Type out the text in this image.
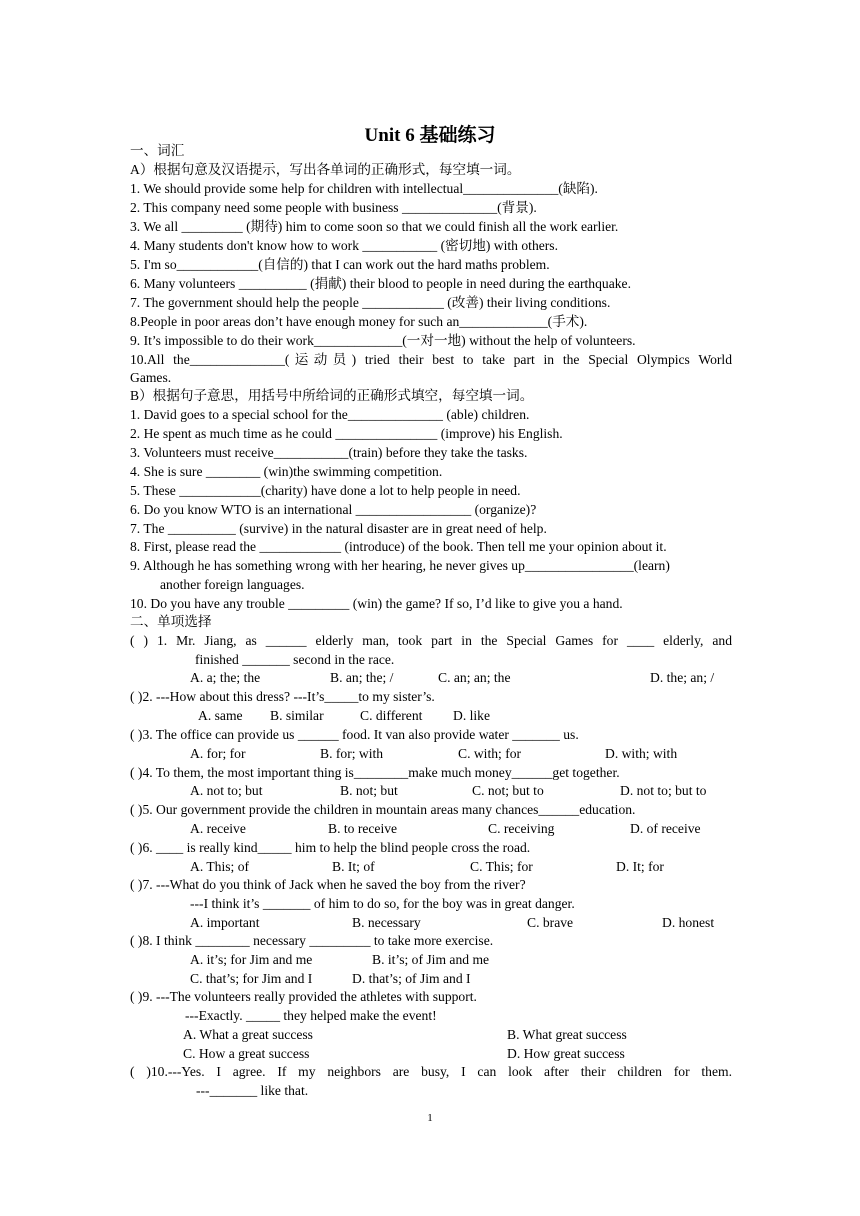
Unit 6 基础练习
一、词汇
A）根据句意及汉语提示，写出各单词的正确形式，每空填一词。
1. We should provide some help for children with intellectual______________(缺陷).
2. This company need some people with business ______________(背景).
3. We all _________ (期待) him to come soon so that we could finish all the work earlier.
4. Many students don't know how to work ___________ (密切地) with others.
5. I'm so____________(自信的) that I can work out the hard maths problem.
6. Many volunteers __________ (捐献) their blood to people in need during the earthquake.
7. The government should help the people ____________ (改善) their living conditions.
8.People in poor areas don’t have enough money for such an_____________(手术).
9. It’s impossible to do their work_____________(一对一地) without the help of volunteers.
10.All the______________(运动员) tried their best to take part in the Special Olympics World
Games.
B）根据句子意思，用括号中所给词的正确形式填空，每空填一词。
1. David goes to a special school for the______________ (able) children.
2. He spent as much time as he could _______________ (improve) his English.
3. Volunteers must receive___________(train) before they take the tasks.
4. She is sure ________ (win)the swimming competition.
5. These ____________(charity) have done a lot to help people in need.
6. Do you know WTO is an international _________________ (organize)?
7. The __________ (survive) in the natural disaster are in great need of help.
8. First, please read the ____________ (introduce) of the book. Then tell me your opinion about it.
9. Although he has something wrong with her hearing, he never gives up________________(learn)
another foreign languages.
10. Do you have any trouble _________ (win) the game? If so, I’d like to give you a hand.
二、单项选择
( ) 1. Mr. Jiang, as ______ elderly man, took part in the Special Games for ____ elderly, and
finished _______ second in the race.
A. a; the; the	B. an; the; /	C. an; an; the	D. the; an; /
( )2. ---How about this dress? ---It’s_____to my sister’s.
A. same B. similar	C. different D. like
( )3. The office can provide us ______ food. It van also provide water _______ us.
A. for; for	B. for; with	C. with; for	D. with; with
( )4. To them, the most important thing is________make much money______get together.
A. not to; but	B. not; but	C. not; but to	D. not to; but to
( )5. Our government provide the children in mountain areas many chances______education.
A. receive	B. to receive	C. receiving	D. of receive
( )6. ____ is really kind_____ him to help the blind people cross the road.
A. This; of	B. It; of	C. This; for	D. It; for
( )7. ---What do you think of Jack when he saved the boy from the river?
---I think it’s _______ of him to do so, for the boy was in great danger.
A. important	B. necessary	C. brave	D. honest
( )8. I think ________ necessary _________ to take more exercise.
A. it’s; for Jim and me	B. it’s; of Jim and me
C. that’s; for Jim and I	D. that’s; of Jim and I
( )9. ---The volunteers really provided the athletes with support.
---Exactly. _____ they helped make the event!
A. What a great success	B. What great success
C. How a great success	D. How great success
( )10.---Yes. I agree. If my neighbors are busy, I can look after their children for them.
---_______ like that.
1
